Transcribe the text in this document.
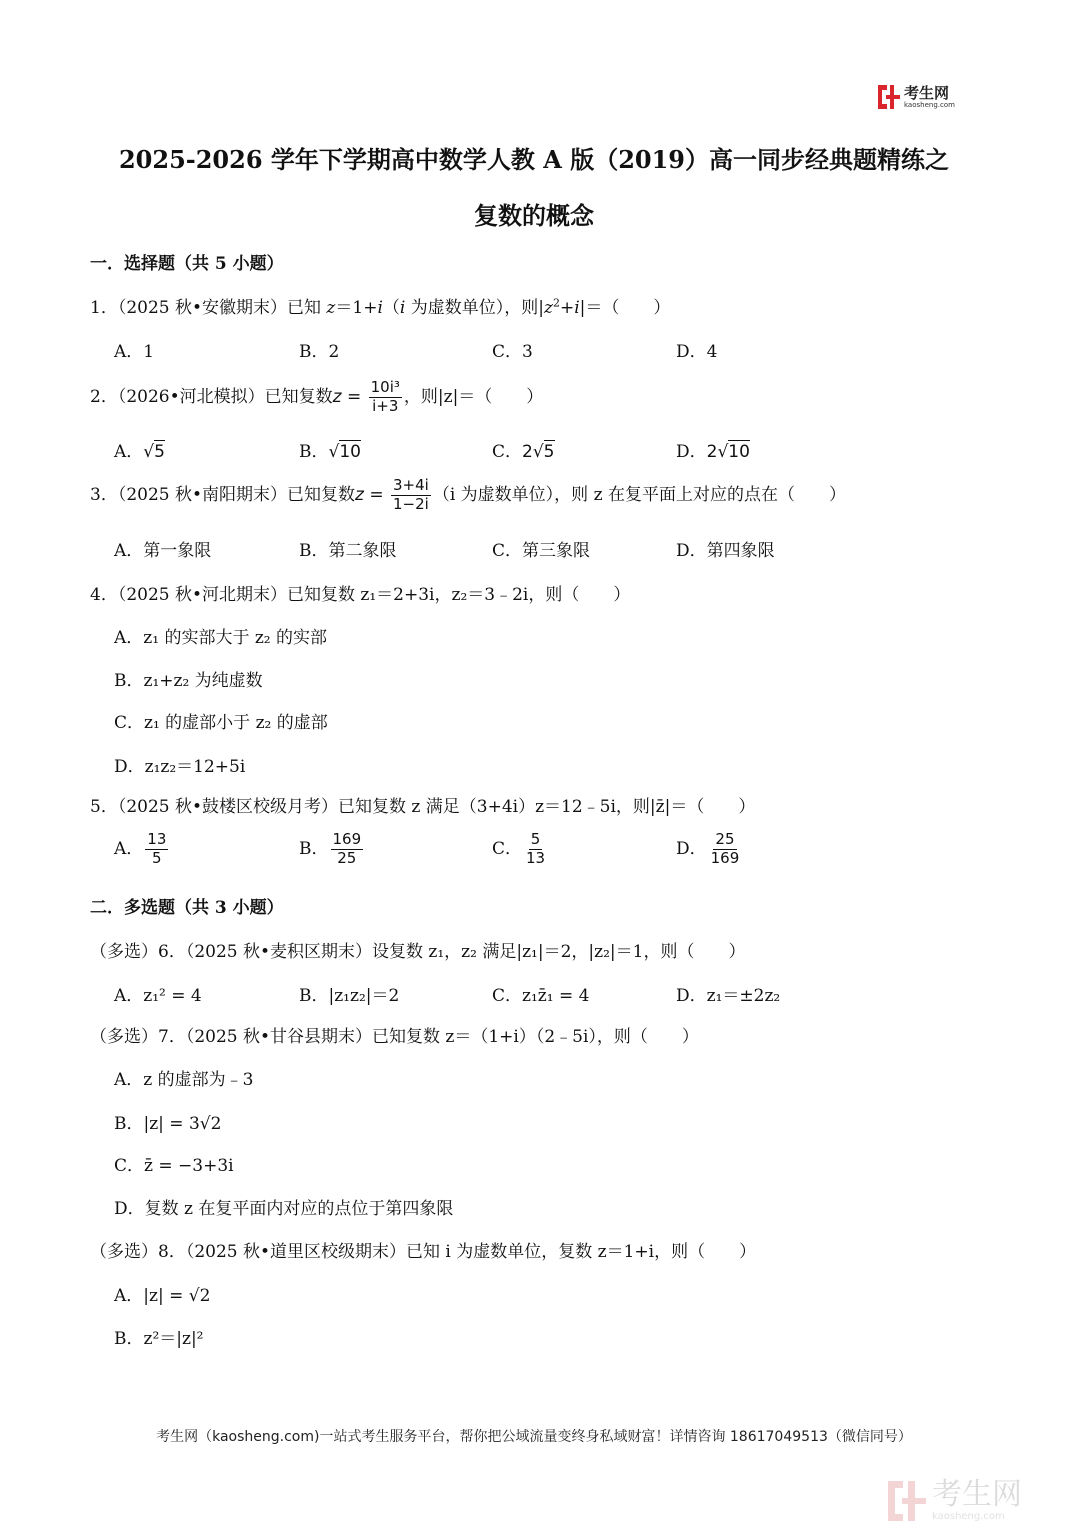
考生网
kaosheng.com
2025-2026 学年下学期高中数学人教 A 版（2019）高一同步经典题精练之
复数的概念
一．选择题（共 5 小题）
1．（2025 秋•安徽期末）已知 z＝1+i（i 为虚数单位），则$|z^2+i|=$（　　）
A．1	B．2	C．3	D．4
2．（2026•河北模拟）已知复数$z = \frac{\text{10i³}}{i+3}$ ，则|z|＝（　　）
A．√5	B．√10	C．2√5	D．2√10
3．（2025 秋•南阳期末）已知复数$z = \frac{3+4i}{1-2i} (i$ 为虚数单位），则 z 在复平面上对应的点在（　　）
A．第一象限	B．第二象限	C．第三象限	D．第四象限
4．（2025 秋•河北期末）已知复数 z₁＝2+3i，z₂＝3﹣2i，则（　　）
A．z₁ 的实部大于 z₂ 的实部
B．z₁+z₂ 为纯虚数
C．z₁ 的虚部小于 z₂ 的虚部
D．z₁z₂＝12+5i
5．（2025 秋•鼓楼区校级月考）已知复数 z 满足（3+4i）z＝12﹣5i，则|z̄|＝（　　）
A． $\frac{13}{5}$	B． $\frac{169}{25}$	C． $\frac{5}{13}$	D． $\frac{25}{169}$
二．多选题（共 3 小题）
（多选）6．（2025 秋•麦积区期末）设复数 z₁，z₂ 满足|z₁|＝2，|z₂|＝1，则（　　）
A．z₁² = 4	B．|z₁z₂|＝2	C．z₁z̄₁ = 4	D．z₁＝±2z₂
（多选）7．（2025 秋•甘谷县期末）已知复数 z＝（1+i）（2﹣5i），则（　　）
A．z 的虚部为﹣3
B．|z| = 3√2
C．z̄ = −3+3i
D．复数 z 在复平面内对应的点位于第四象限
（多选）8．（2025 秋•道里区校级期末）已知 i 为虚数单位，复数 z＝1+i，则（　　）
A．|z| = √2
B．z²＝|z|²
考生网（kaosheng.com)一站式考生服务平台，帮你把公域流量变终身私域财富！详情咨询 18617049513（微信同号）
考生网
kaosheng.com
